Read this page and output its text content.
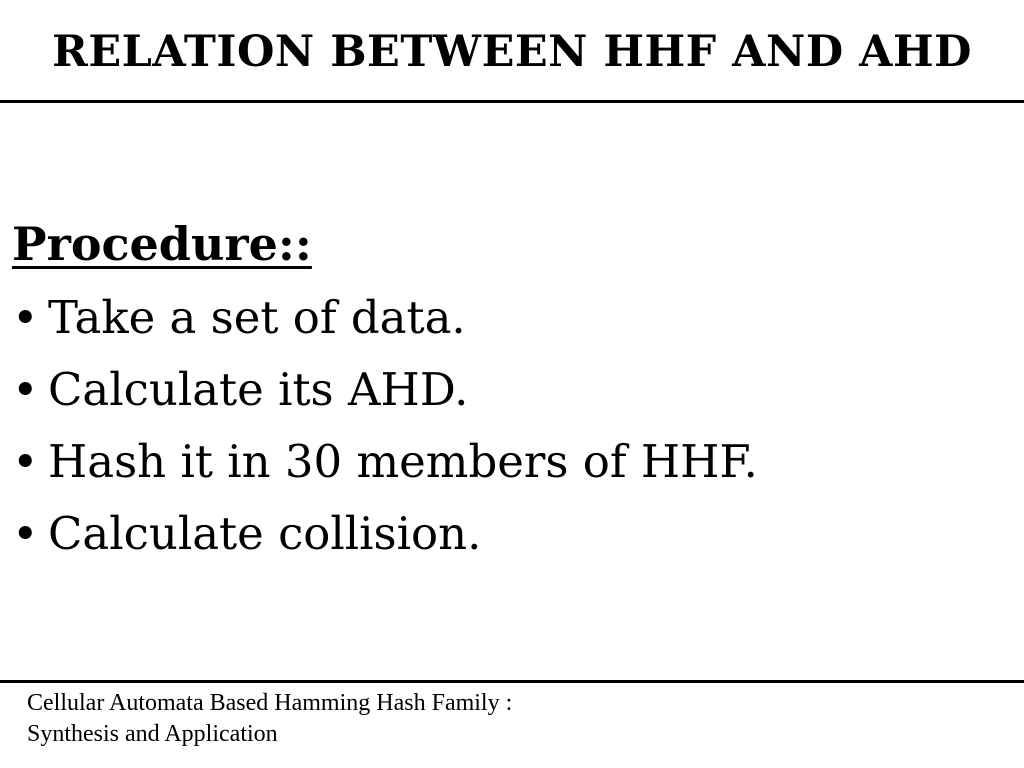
RELATION BETWEEN HHF AND AHD
Procedure::
• Take a set of data.
• Calculate its AHD.
• Hash it in 30 members of HHF.
• Calculate collision.
Cellular Automata Based Hamming Hash Family :
Synthesis and Application
